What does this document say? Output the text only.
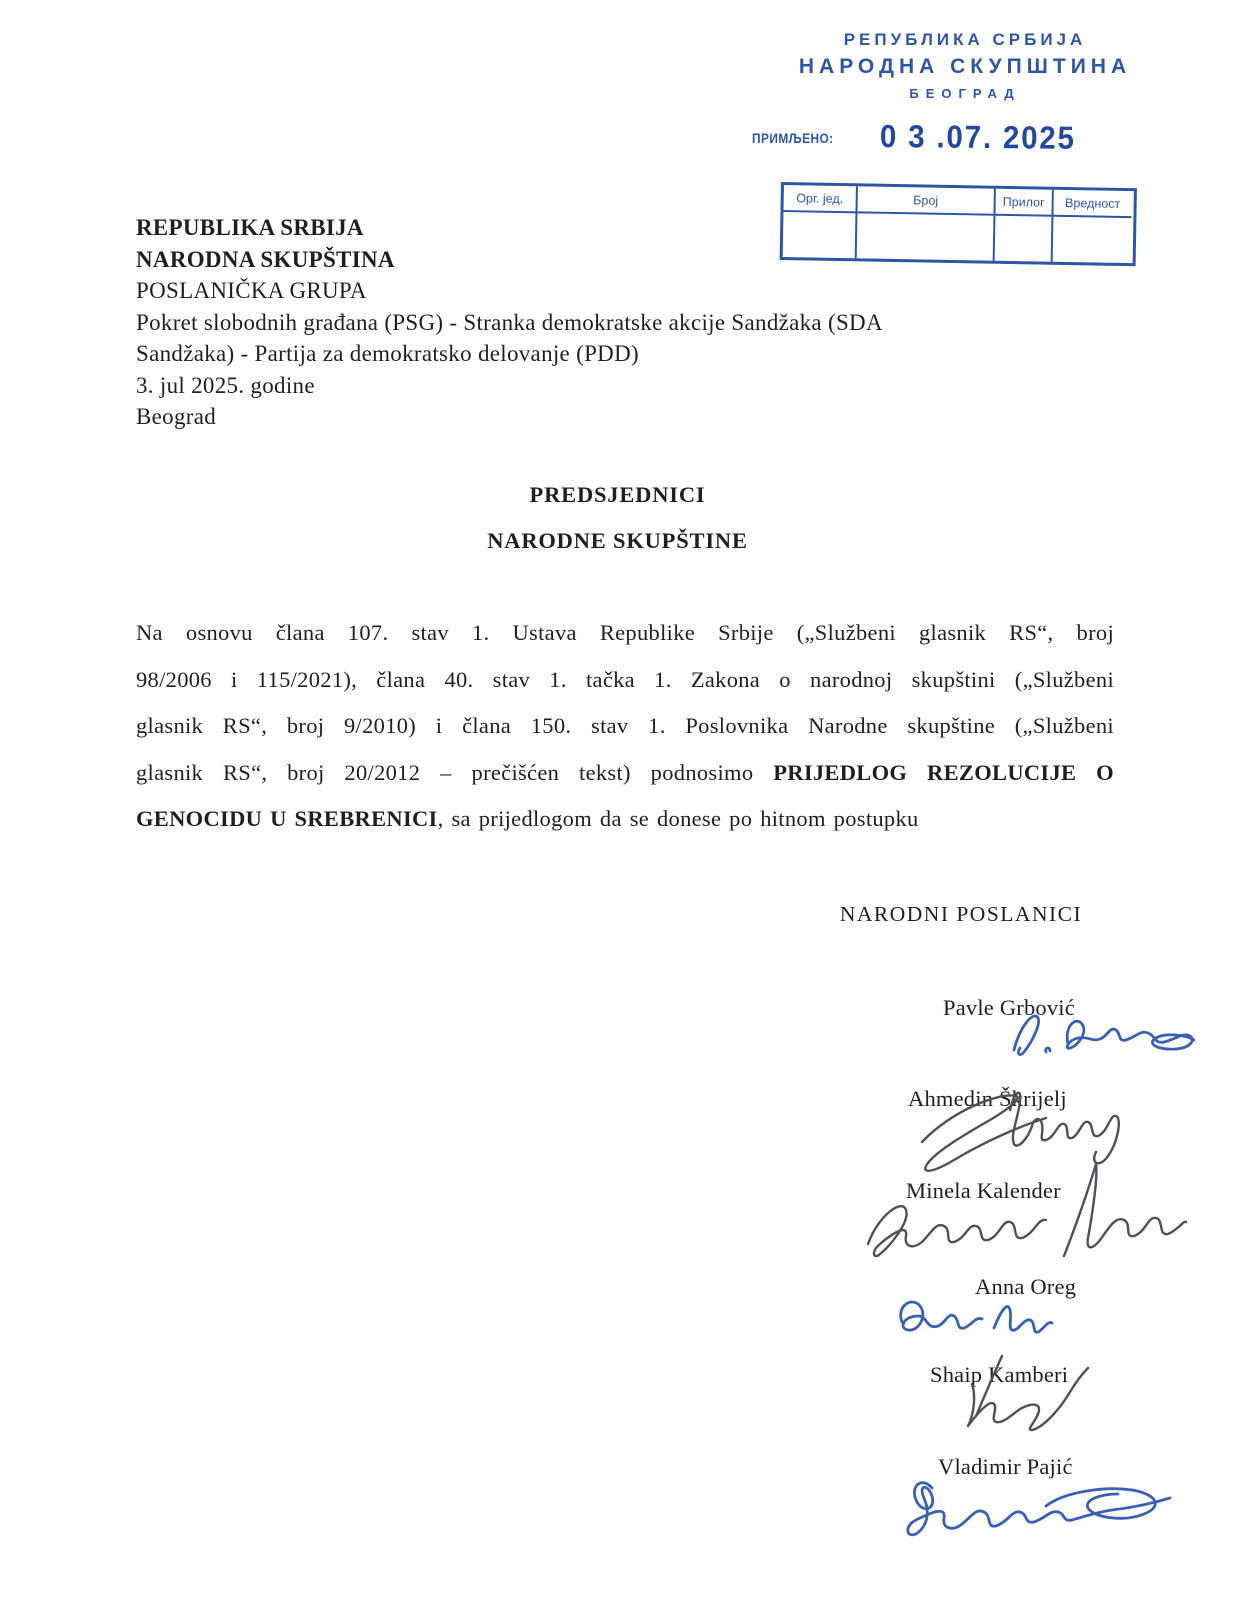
РЕПУБЛИКА СРБИЈА
НАРОДНА СКУПШТИНА
БЕОГРАД
ПРИМЉЕНО: 0 3 .07. 2025
Орг. јед.	Број	Прилог	Вредност
REPUBLIKA SRBIJA
NARODNA SKUPŠTINA
POSLANIČKA GRUPA
Pokret slobodnih građana (PSG) - Stranka demokratske akcije Sandžaka (SDA
Sandžaka) - Partija za demokratsko delovanje (PDD)
3. jul 2025. godine
Beograd
PREDSJEDNICI
NARODNE SKUPŠTINE
Na osnovu člana 107. stav 1. Ustava Republike Srbije („Službeni glasnik RS“, broj
98/2006 i 115/2021), člana 40. stav 1. tačka 1. Zakona o narodnoj skupštini („Službeni
glasnik RS“, broj 9/2010) i člana 150. stav 1. Poslovnika Narodne skupštine („Službeni
glasnik RS“, broj 20/2012 – prečišćen tekst) podnosimo PRIJEDLOG REZOLUCIJE O
GENOCIDU U SREBRENICI, sa prijedlogom da se donese po hitnom postupku
NARODNI POSLANICI
Pavle Grbović
Ahmedin Škrijelj
Minela Kalender
Anna Oreg
Shaip Kamberi
Vladimir Pajić
